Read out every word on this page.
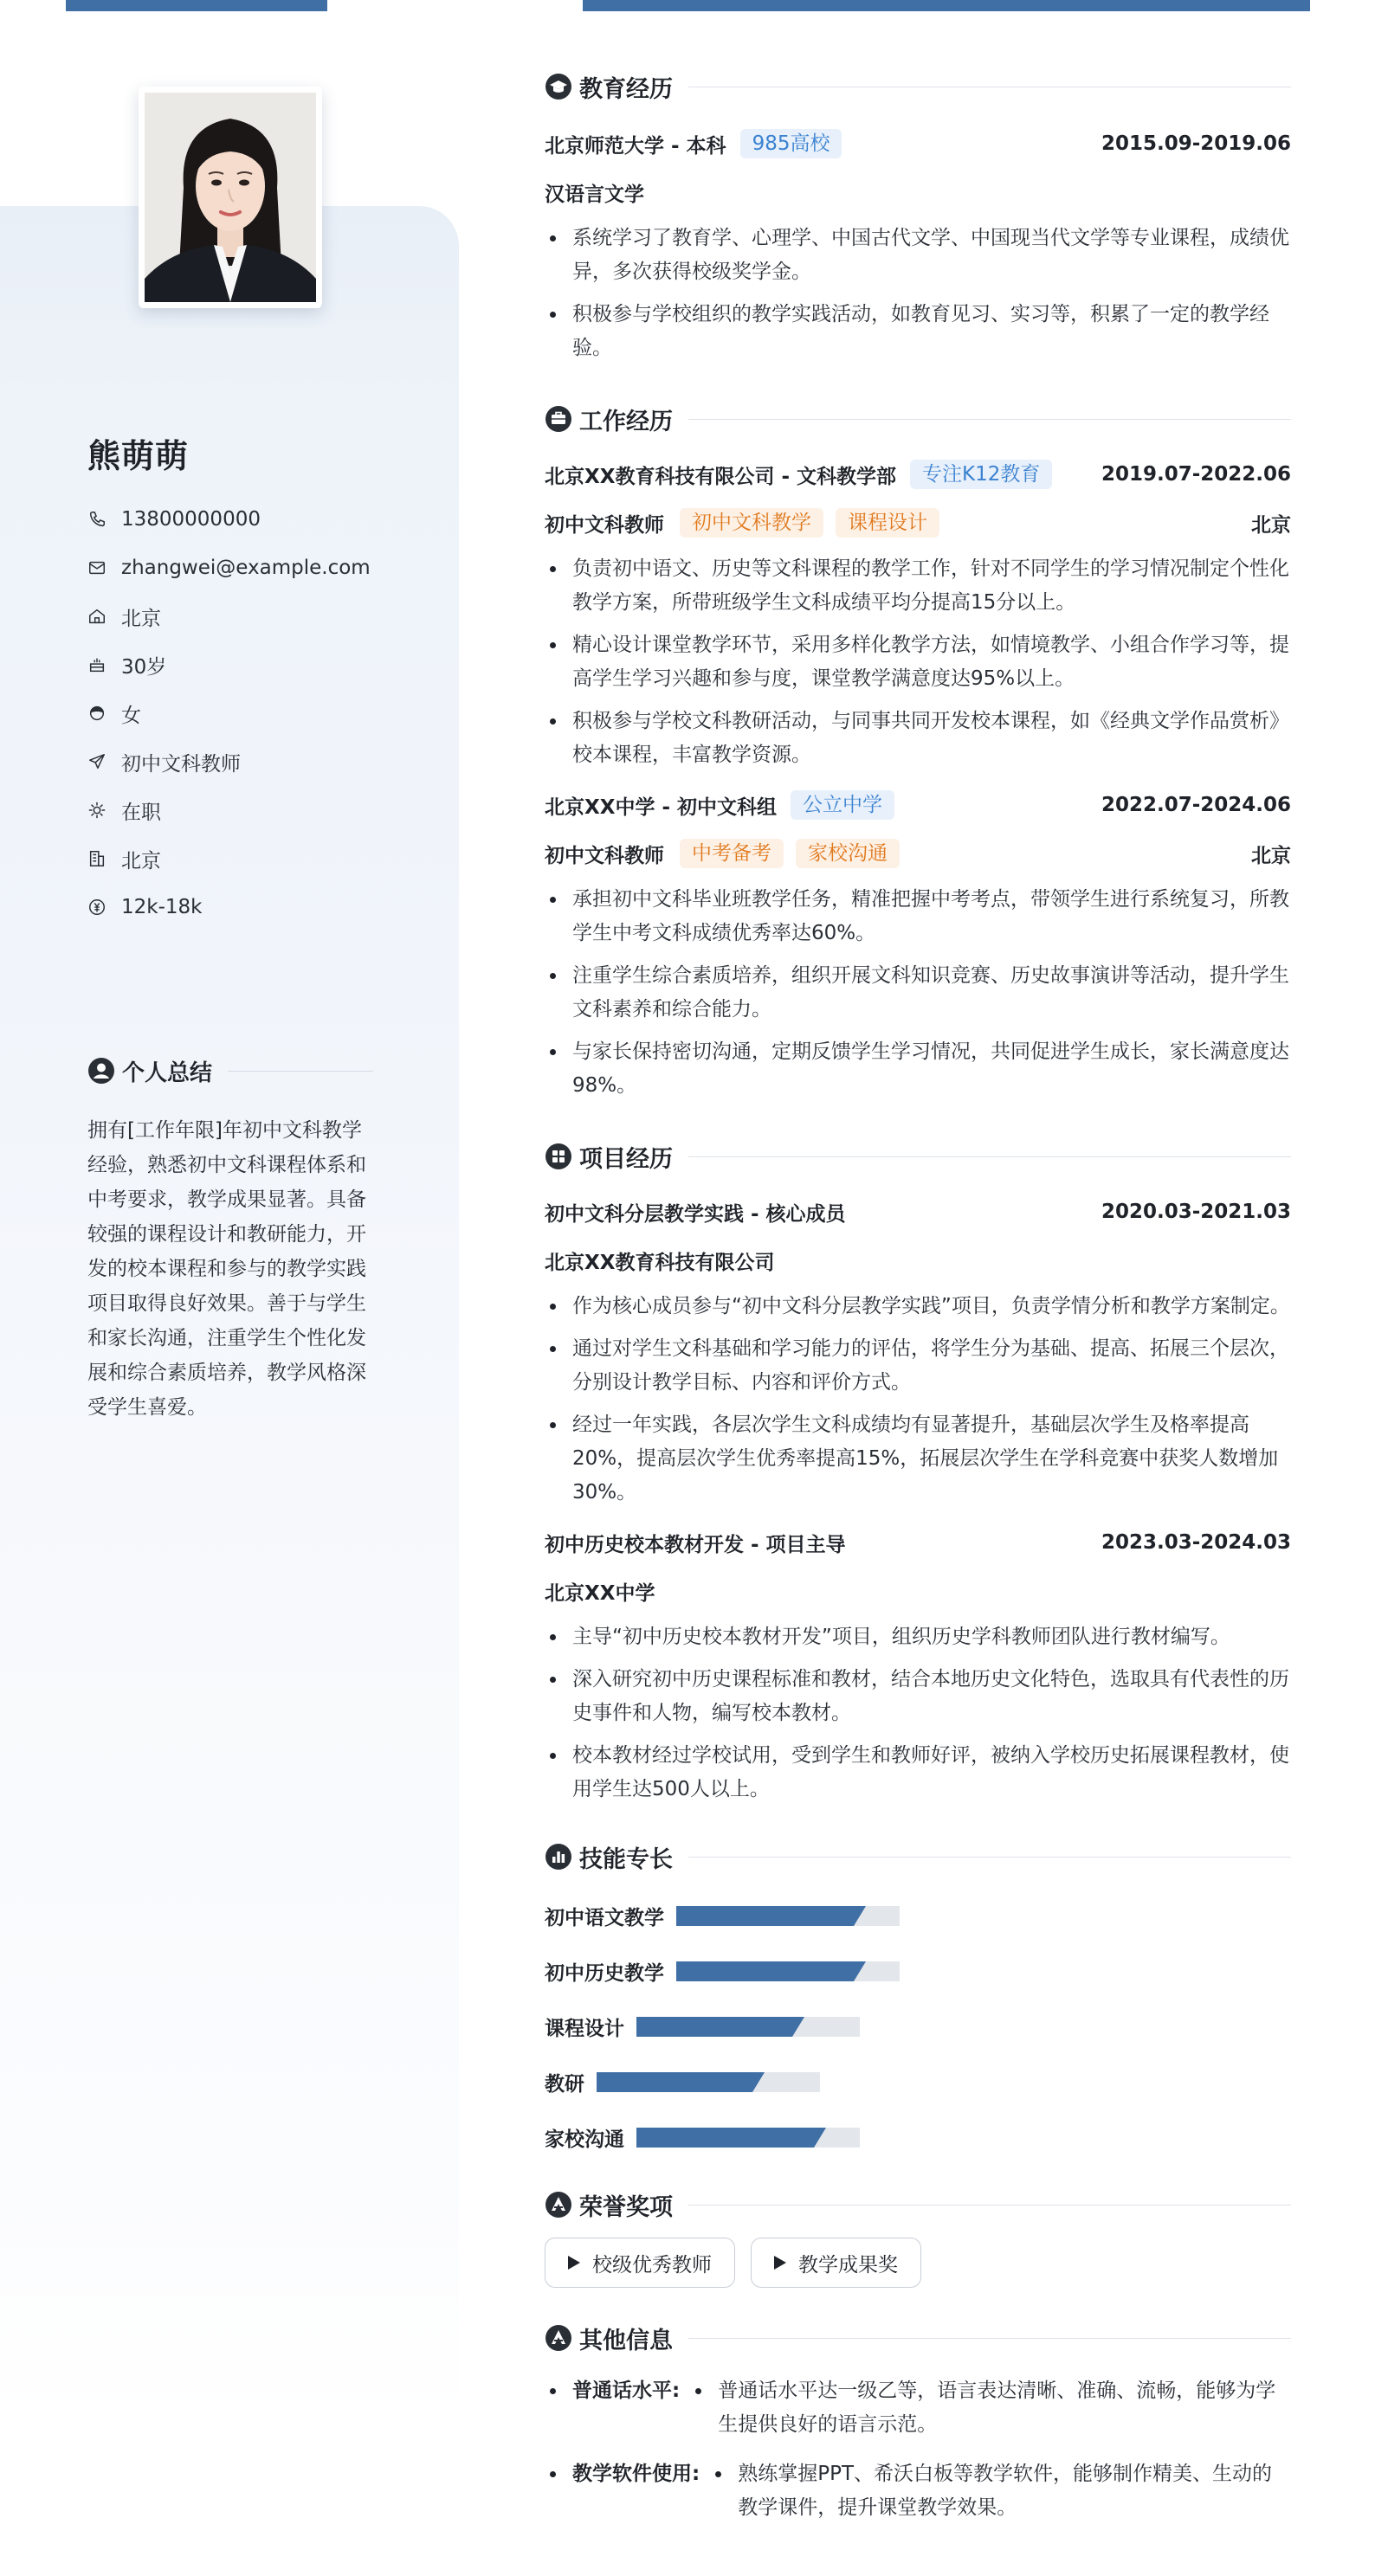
熊萌萌
13800000000
zhangwei@example.com
北京
30岁
女
初中文科教师
在职
北京
12k-18k
个人总结
拥有[工作年限]年初中文科教学经验，熟悉初中文科课程体系和中考要求，教学成果显著。具备较强的课程设计和教研能力，开发的校本课程和参与的教学实践项目取得良好效果。善于与学生和家长沟通，注重学生个性化发展和综合素质培养，教学风格深受学生喜爱。
教育经历
北京师范大学 - 本科	985高校	2015.09-2019.06
汉语言文学
系统学习了教育学、心理学、中国古代文学、中国现当代文学等专业课程，成绩优异，多次获得校级奖学金。
积极参与学校组织的教学实践活动，如教育见习、实习等，积累了一定的教学经验。
工作经历
北京XX教育科技有限公司 - 文科教学部	专注K12教育	2019.07-2022.06
初中文科教师	初中文科教学	课程设计	北京
负责初中语文、历史等文科课程的教学工作，针对不同学生的学习情况制定个性化教学方案，所带班级学生文科成绩平均分提高15分以上。
精心设计课堂教学环节，采用多样化教学方法，如情境教学、小组合作学习等，提高学生学习兴趣和参与度，课堂教学满意度达95%以上。
积极参与学校文科教研活动，与同事共同开发校本课程，如《经典文学作品赏析》校本课程，丰富教学资源。
北京XX中学 - 初中文科组	公立中学	2022.07-2024.06
初中文科教师	中考备考	家校沟通	北京
承担初中文科毕业班教学任务，精准把握中考考点，带领学生进行系统复习，所教学生中考文科成绩优秀率达60%。
注重学生综合素质培养，组织开展文科知识竞赛、历史故事演讲等活动，提升学生文科素养和综合能力。
与家长保持密切沟通，定期反馈学生学习情况，共同促进学生成长，家长满意度达98%。
项目经历
初中文科分层教学实践 - 核心成员	2020.03-2021.03
北京XX教育科技有限公司
作为核心成员参与“初中文科分层教学实践”项目，负责学情分析和教学方案制定。
通过对学生文科基础和学习能力的评估，将学生分为基础、提高、拓展三个层次，分别设计教学目标、内容和评价方式。
经过一年实践，各层次学生文科成绩均有显著提升，基础层次学生及格率提高20%，提高层次学生优秀率提高15%，拓展层次学生在学科竞赛中获奖人数增加30%。
初中历史校本教材开发 - 项目主导	2023.03-2024.03
北京XX中学
主导“初中历史校本教材开发”项目，组织历史学科教师团队进行教材编写。
深入研究初中历史课程标准和教材，结合本地历史文化特色，选取具有代表性的历史事件和人物，编写校本教材。
校本教材经过学校试用，受到学生和教师好评，被纳入学校历史拓展课程教材，使用学生达500人以上。
技能专长
初中语文教学
初中历史教学
课程设计
教研
家校沟通
荣誉奖项
校级优秀教师	教学成果奖
其他信息
普通话水平:	普通话水平达一级乙等，语言表达清晰、准确、流畅，能够为学生提供良好的语言示范。
教学软件使用:	熟练掌握PPT、希沃白板等教学软件，能够制作精美、生动的教学课件，提升课堂教学效果。
